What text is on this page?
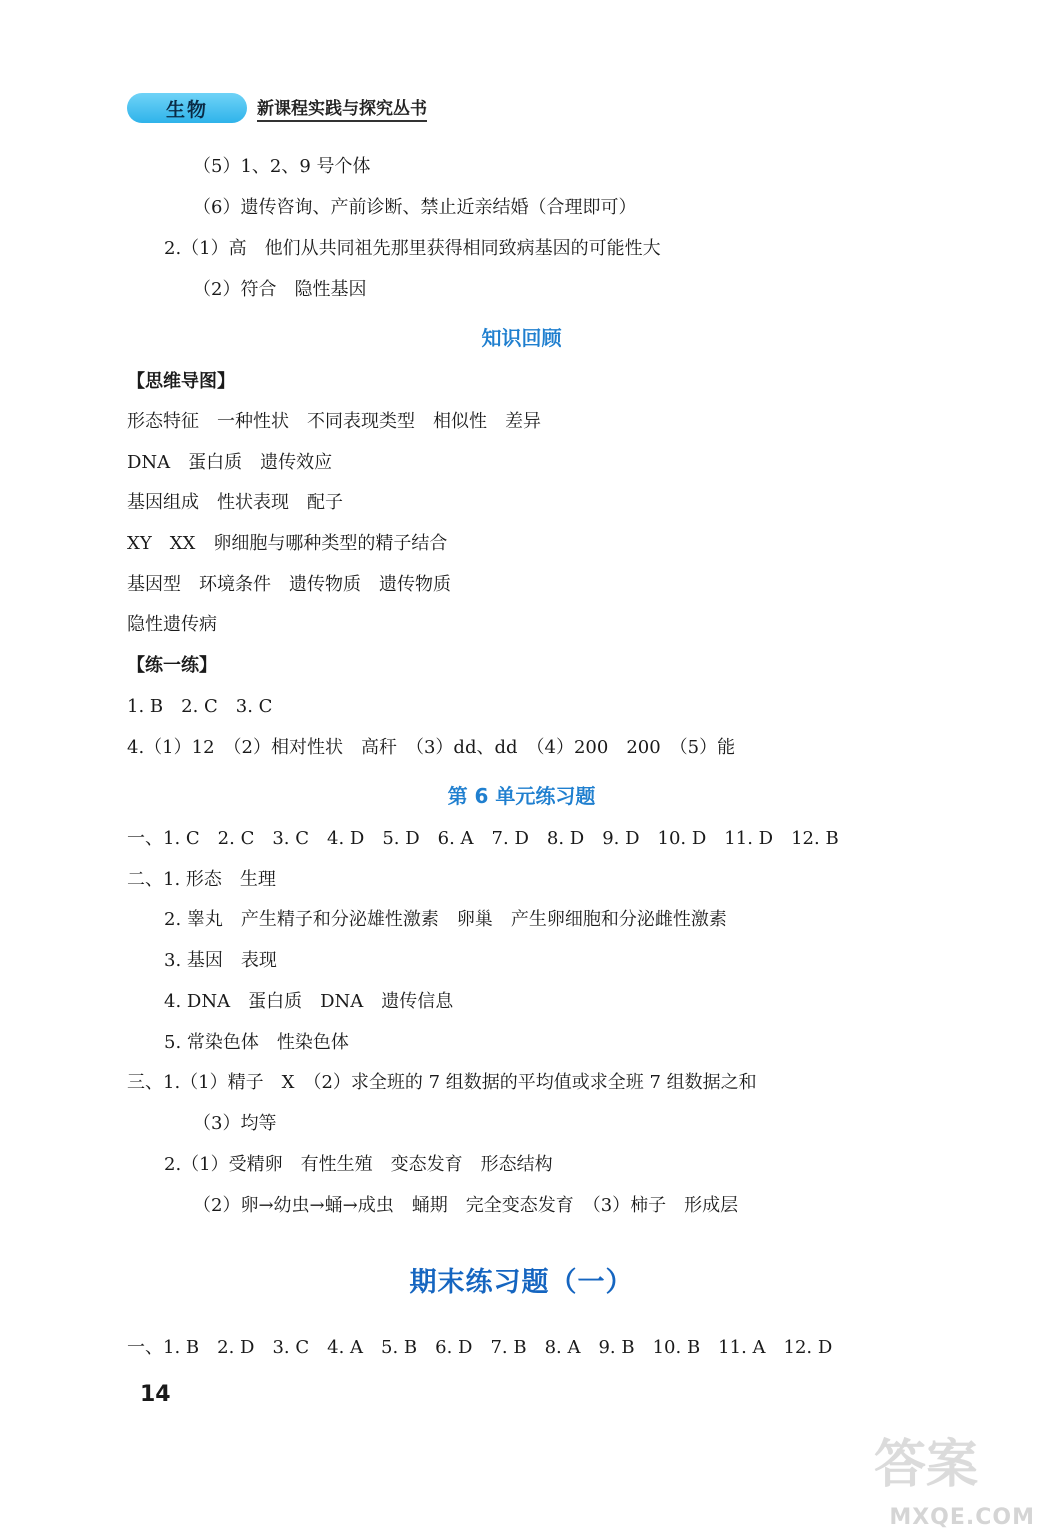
生物	新课程实践与探究丛书
（5）1、2、9 号个体
（6）遗传咨询、产前诊断、禁止近亲结婚（合理即可）
2.（1）高　他们从共同祖先那里获得相同致病基因的可能性大
（2）符合　隐性基因
知识回顾
【思维导图】
形态特征　一种性状　不同表现类型　相似性　差异
DNA　蛋白质　遗传效应
基因组成　性状表现　配子
XY　XX　卵细胞与哪种类型的精子结合
基因型　环境条件　遗传物质　遗传物质
隐性遗传病
【练一练】
1. B　2. C　3. C
4.（1）12　（2）相对性状　高秆　（3）dd、dd　（4）200　200　（5）能
第 6 单元练习题
一、1. C　2. C　3. C　4. D　5. D　6. A　7. D　8. D　9. D　10. D　11. D　12. B
二、1. 形态　生理
2. 睾丸　产生精子和分泌雄性激素　卵巢　产生卵细胞和分泌雌性激素
3. 基因　表现
4. DNA　蛋白质　DNA　遗传信息
5. 常染色体　性染色体
三、1.（1）精子　X　（2）求全班的 7 组数据的平均值或求全班 7 组数据之和
（3）均等
2.（1）受精卵　有性生殖　变态发育　形态结构
（2）卵→幼虫→蛹→成虫　蛹期　完全变态发育　（3）柿子　形成层
期末练习题（一）
一、1. B　2. D　3. C　4. A　5. B　6. D　7. B　8. A　9. B　10. B　11. A　12. D
14
答案
MXQE.COM
